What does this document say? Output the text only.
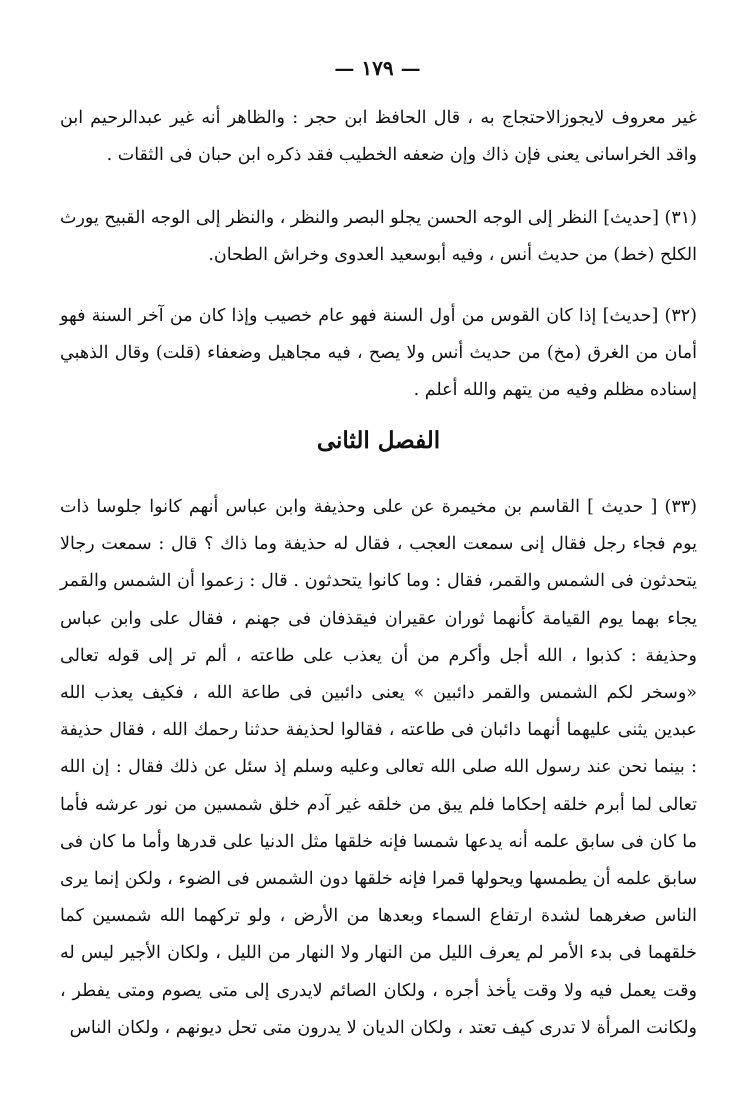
— ١٧٩ —

غير معروف لايجوزالاحتجاج به ، قال الحافظ ابن حجر : والظاهر أنه غير عبدالرحيم ابن واقد الخراسانى يعنى فإن ذاك وإن ضعفه الخطيب فقد ذكره ابن حبان فى الثقات .

(٣١) [حديث] النظر إلى الوجه الحسن يجلو البصر والنظر ، والنظر إلى الوجه القبيح يورث الكلح (خط) من حديث أنس ، وفيه أبوسعيد العدوى وخراش الطحان.

(٣٢) [حديث] إذا كان القوس من أول السنة فهو عام خصيب وإذا كان من آخر السنة فهو أمان من الغرق (مخ) من حديث أنس ولا يصح ، فيه مجاهيل وضعفاء (قلت) وقال الذهبي إسناده مظلم وفيه من يتهم والله أعلم .

الفصل الثانى

(٣٣) [ حديث ] القاسم بن مخيمرة عن على وحذيفة وابن عباس أنهم كانوا جلوسا ذات يوم فجاء رجل فقال إنى سمعت العجب ، فقال له حذيفة وما ذاك ؟ قال : سمعت رجالا يتحدثون فى الشمس والقمر، فقال : وما كانوا يتحدثون . قال : زعموا أن الشمس والقمر يجاء بهما يوم القيامة كأنهما ثوران عقيران فيقذفان فى جهنم ، فقال على وابن عباس وحذيفة : كذبوا ، الله أجل وأكرم من أن يعذب على طاعته ، ألم تر إلى قوله تعالى «وسخر لكم الشمس والقمر دائبين » يعنى دائبين فى طاعة الله ، فكيف يعذب الله عبدين يثنى عليهما أنهما دائبان فى طاعته ، فقالوا لحذيفة حدثنا رحمك الله ، فقال حذيفة : بينما نحن عند رسول الله صلى الله تعالى وعليه وسلم إذ سئل عن ذلك فقال : إن الله تعالى لما أبرم خلقه إحكاما فلم يبق من خلقه غير آدم خلق شمسين من نور عرشه فأما ما كان فى سابق علمه أنه يدعها شمسا فإنه خلقها مثل الدنيا على قدرها وأما ما كان فى سابق علمه أن يطمسها ويحولها قمرا فإنه خلقها دون الشمس فى الضوء ، ولكن إنما يرى الناس صغرهما لشدة ارتفاع السماء وبعدها من الأرض ، ولو تركهما الله شمسين كما خلقهما فى بدء الأمر لم يعرف الليل من النهار ولا النهار من الليل ، ولكان الأجير ليس له وقت يعمل فيه ولا وقت يأخذ أجره ، ولكان الصائم لايدرى إلى متى يصوم ومتى يفطر ، ولكانت المرأة لا تدرى كيف تعتد ، ولكان الديان لا يدرون متى تحل ديونهم ، ولكان الناس
